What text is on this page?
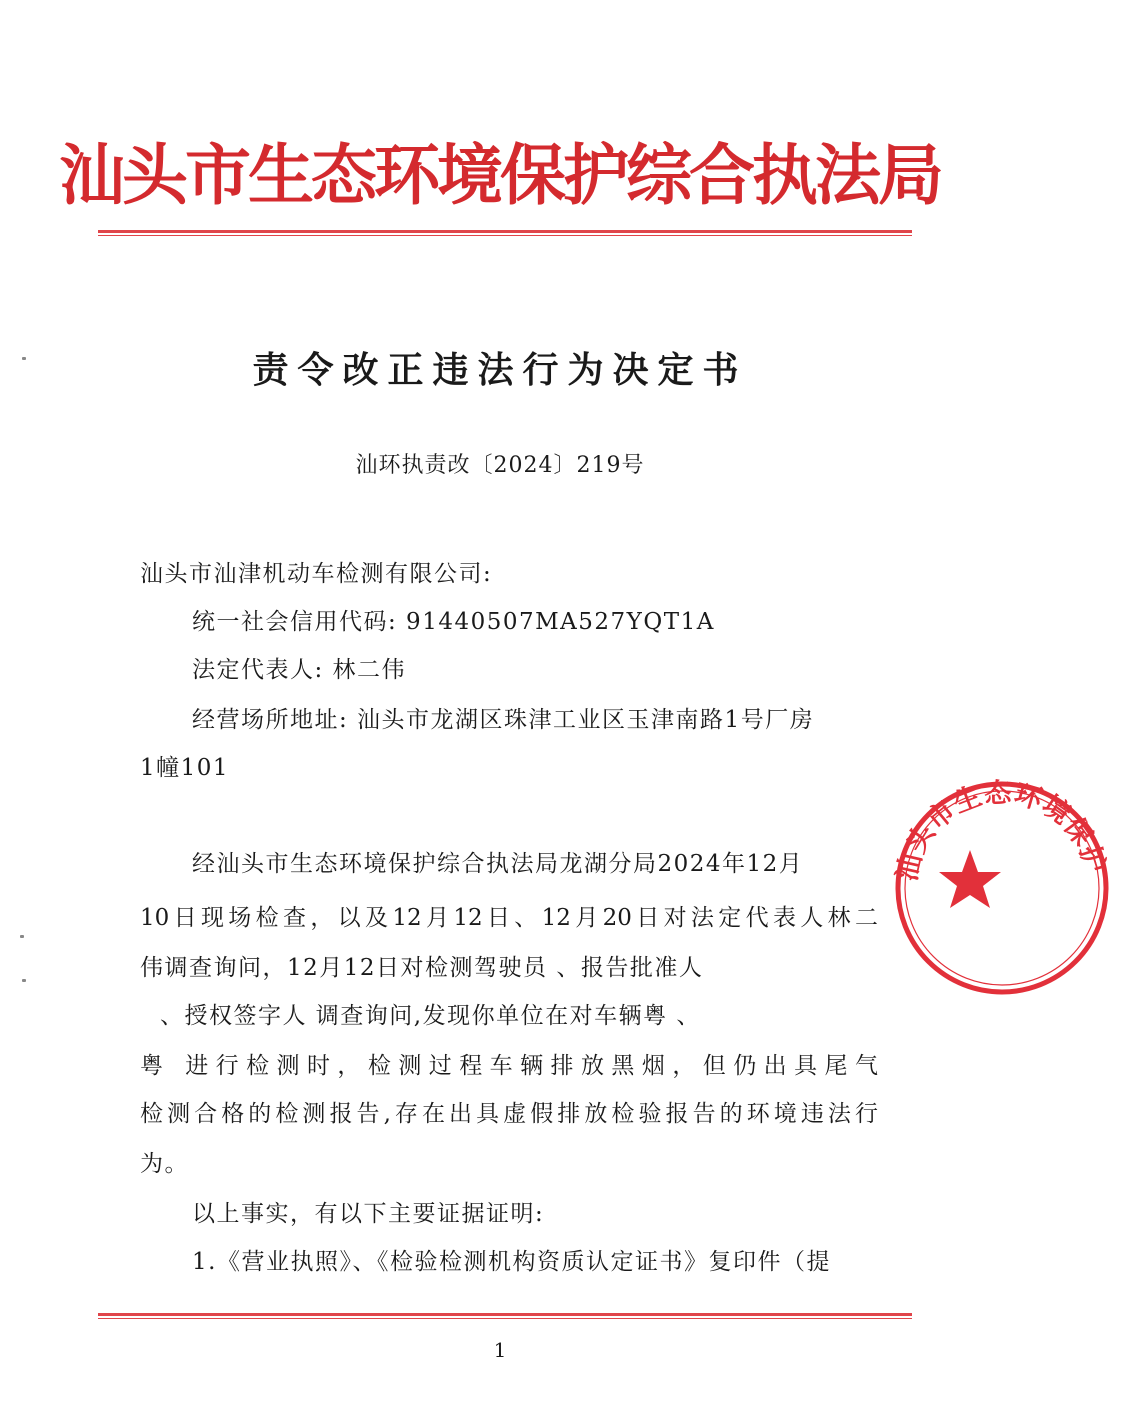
汕头市生态环境保护综合执法局
责令改正违法行为决定书
汕环执责改〔2024〕219号
汕头市汕津机动车检测有限公司:
统一社会信用代码: 91440507MA527YQT1A
法定代表人: 林二伟
经营场所地址: 汕头市龙湖区珠津工业区玉津南路1号厂房
1幢101
经汕头市生态环境保护综合执法局龙湖分局2024年12月
10日现场检查，以及12月12日、12月20日对法定代表人林二
伟调查询问，12月12日对检测驾驶员 、报告批准人
、授权签字人 调查询问,发现你单位在对车辆粤 、
粤 进行检测时，检测过程车辆排放黑烟，但仍出具尾气
检测合格的检测报告,存在出具虚假排放检验报告的环境违法行
为。
以上事实，有以下主要证据证明:
1.《营业执照》、《检验检测机构资质认定证书》复印件（提
1
汕头市生态环境保护
